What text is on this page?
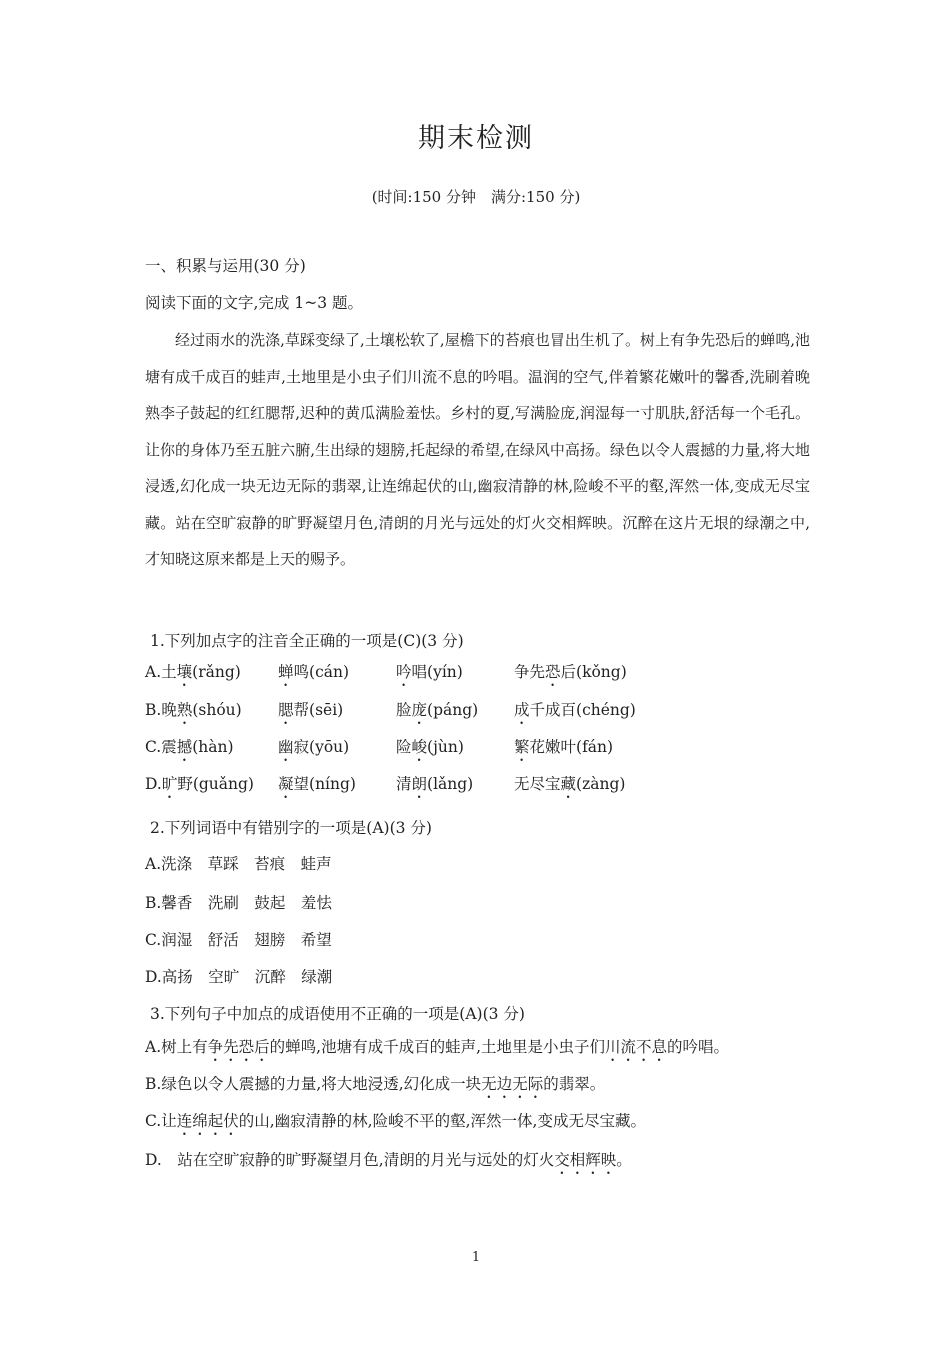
期末检测
(时间:150 分钟　满分:150 分)
一、积累与运用(30 分)
阅读下面的文字,完成 1~3 题。

经过雨水的洗涤,草踩变绿了,土壤松软了,屋檐下的苔痕也冒出生机了。树上有争先恐后的蝉鸣,池塘有成千成百的蛙声,土地里是小虫子们川流不息的吟唱。温润的空气,伴着繁花嫩叶的馨香,洗刷着晚熟李子鼓起的红红腮帮,迟种的黄瓜满脸羞怯。乡村的夏,写满脸庞,润湿每一寸肌肤,舒活每一个毛孔。让你的身体乃至五脏六腑,生出绿的翅膀,托起绿的希望,在绿风中高扬。绿色以令人震撼的力量,将大地浸透,幻化成一块无边无际的翡翠,让连绵起伏的山,幽寂清静的林,险峻不平的壑,浑然一体,变成无尽宝藏。站在空旷寂静的旷野凝望月色,清朗的月光与远处的灯火交相辉映。沉醉在这片无垠的绿潮之中,才知晓这原来都是上天的赐予。

1.下列加点字的注音全正确的一项是(C)(3 分)
A.土壤(rǎng) 蝉鸣(cán)	吟唱(yín)	争先恐后(kǒng)
B.晚熟(shóu) 腮帮(sēi)	脸庞(páng) 成千成百(chéng)
C.震撼(hàn)	幽寂(yōu)	险峻(jùn)	繁花嫩叶(fán)
D.旷野(guǎng) 凝望(níng)	清朗(lǎng)	无尽宝藏(zàng)
2.下列词语中有错别字的一项是(A)(3 分)
A.洗涤　草踩　苔痕　蛙声
B.馨香　洗刷　鼓起　羞怯
C.润湿　舒活　翅膀　希望
D.高扬　空旷　沉醉　绿潮
3.下列句子中加点的成语使用不正确的一项是(A)(3 分)
A.树上有争先恐后的蝉鸣,池塘有成千成百的蛙声,土地里是小虫子们川流不息的吟唱。
B.绿色以令人震撼的力量,将大地浸透,幻化成一块无边无际的翡翠。
C.让连绵起伏的山,幽寂清静的林,险峻不平的壑,浑然一体,变成无尽宝藏。
D.　站在空旷寂静的旷野凝望月色,清朗的月光与远处的灯火交相辉映。
1
